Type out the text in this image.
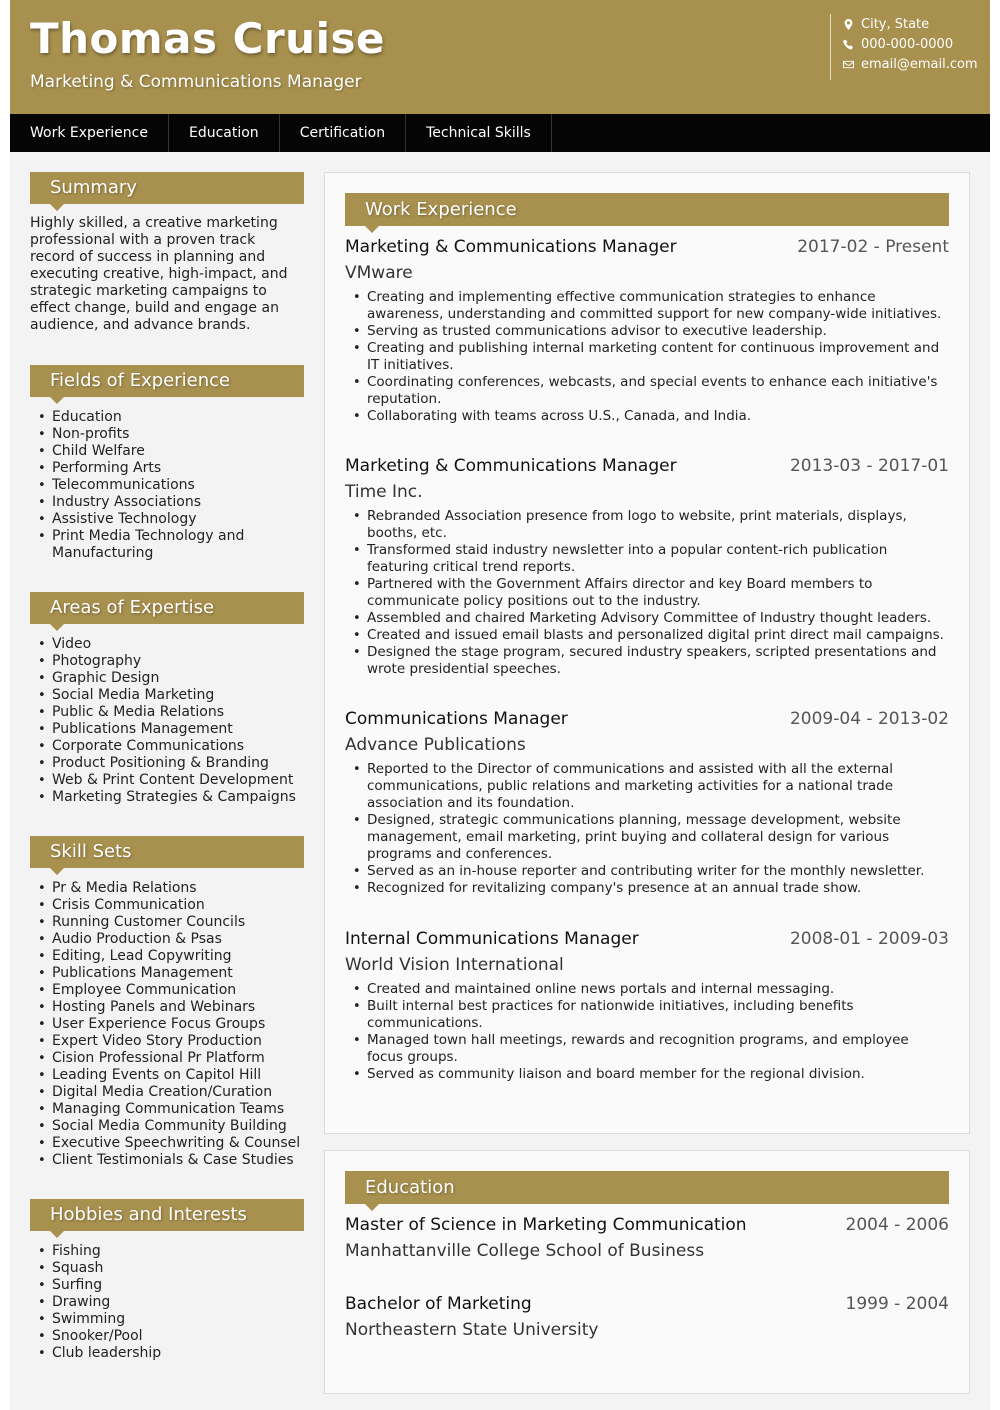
Thomas Cruise
Marketing & Communications Manager
City, State
000-000-0000
email@email.com
Work Experience	Education	Certification	Technical Skills
Summary
Highly skilled, a creative marketing professional with a proven track record of success in planning and executing creative, high-impact, and strategic marketing campaigns to effect change, build and engage an audience, and advance brands.
Fields of Experience
• Education
• Non-profits
• Child Welfare
• Performing Arts
• Telecommunications
• Industry Associations
• Assistive Technology
• Print Media Technology and Manufacturing
Areas of Expertise
• Video
• Photography
• Graphic Design
• Social Media Marketing
• Public & Media Relations
• Publications Management
• Corporate Communications
• Product Positioning & Branding
• Web & Print Content Development
• Marketing Strategies & Campaigns
Skill Sets
• Pr & Media Relations
• Crisis Communication
• Running Customer Councils
• Audio Production & Psas
• Editing, Lead Copywriting
• Publications Management
• Employee Communication
• Hosting Panels and Webinars
• User Experience Focus Groups
• Expert Video Story Production
• Cision Professional Pr Platform
• Leading Events on Capitol Hill
• Digital Media Creation/Curation
• Managing Communication Teams
• Social Media Community Building
• Executive Speechwriting & Counsel
• Client Testimonials & Case Studies
Hobbies and Interests
• Fishing
• Squash
• Surfing
• Drawing
• Swimming
• Snooker/Pool
• Club leadership
Work Experience
Marketing & Communications Manager	2017-02 - Present
VMware
• Creating and implementing effective communication strategies to enhance awareness, understanding and committed support for new company-wide initiatives.
• Serving as trusted communications advisor to executive leadership.
• Creating and publishing internal marketing content for continuous improvement and IT initiatives.
• Coordinating conferences, webcasts, and special events to enhance each initiative's reputation.
• Collaborating with teams across U.S., Canada, and India.
Marketing & Communications Manager	2013-03 - 2017-01
Time Inc.
• Rebranded Association presence from logo to website, print materials, displays, booths, etc.
• Transformed staid industry newsletter into a popular content-rich publication featuring critical trend reports.
• Partnered with the Government Affairs director and key Board members to communicate policy positions out to the industry.
• Assembled and chaired Marketing Advisory Committee of Industry thought leaders.
• Created and issued email blasts and personalized digital print direct mail campaigns.
• Designed the stage program, secured industry speakers, scripted presentations and wrote presidential speeches.
Communications Manager	2009-04 - 2013-02
Advance Publications
• Reported to the Director of communications and assisted with all the external communications, public relations and marketing activities for a national trade association and its foundation.
• Designed, strategic communications planning, message development, website management, email marketing, print buying and collateral design for various programs and conferences.
• Served as an in-house reporter and contributing writer for the monthly newsletter.
• Recognized for revitalizing company's presence at an annual trade show.
Internal Communications Manager	2008-01 - 2009-03
World Vision International
• Created and maintained online news portals and internal messaging.
• Built internal best practices for nationwide initiatives, including benefits communications.
• Managed town hall meetings, rewards and recognition programs, and employee focus groups.
• Served as community liaison and board member for the regional division.
Education
Master of Science in Marketing Communication	2004 - 2006
Manhattanville College School of Business
Bachelor of Marketing	1999 - 2004
Northeastern State University
